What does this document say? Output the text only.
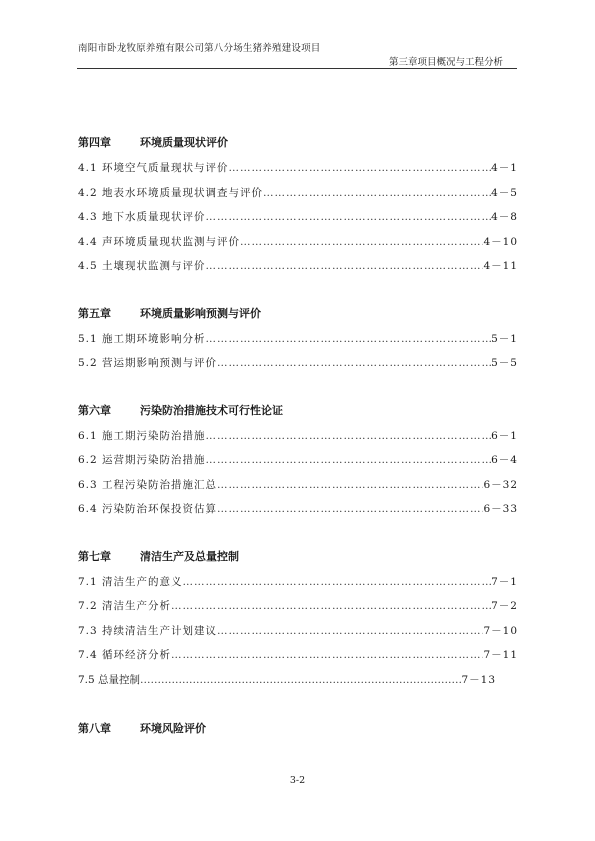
南阳市卧龙牧原养殖有限公司第八分场生猪养殖建设项目
第三章项目概况与工程分析
第四章	环境质量现状评价
4.1 环境空气质量现状与评价 …………………………………………………………………………………………………………………………………………	4－1
4.2 地表水环境质量现状调查与评价 …………………………………………………………………………………………………………………………………………	4－5
4.3 地下水质量现状评价 …………………………………………………………………………………………………………………………………………	4－8
4.4 声环境质量现状监测与评价 …………………………………………………………………………………………………………………………………………	4－10
4.5 土壤现状监测与评价 …………………………………………………………………………………………………………………………………………	4－11
第五章	环境质量影响预测与评价
5.1 施工期环境影响分析 …………………………………………………………………………………………………………………………………………	5－1
5.2 营运期影响预测与评价 …………………………………………………………………………………………………………………………………………	5－5
第六章	污染防治措施技术可行性论证
6.1 施工期污染防治措施 …………………………………………………………………………………………………………………………………………	6－1
6.2 运营期污染防治措施 …………………………………………………………………………………………………………………………………………	6－4
6.3 工程污染防治措施汇总 …………………………………………………………………………………………………………………………………………	6－32
6.4 污染防治环保投资估算 …………………………………………………………………………………………………………………………………………	6－33
第七章	清洁生产及总量控制
7.1 清洁生产的意义 …………………………………………………………………………………………………………………………………………	7－1
7.2 清洁生产分析 …………………………………………………………………………………………………………………………………………	7－2
7.3 持续清洁生产计划建议 …………………………………………………………………………………………………………………………………………	7－10
7.4 循环经济分析 …………………………………………………………………………………………………………………………………………	7－11
7.5 总量控制 …………………………………………………………………………………………………………………………………………	7－13
第八章	环境风险评价
3-2
